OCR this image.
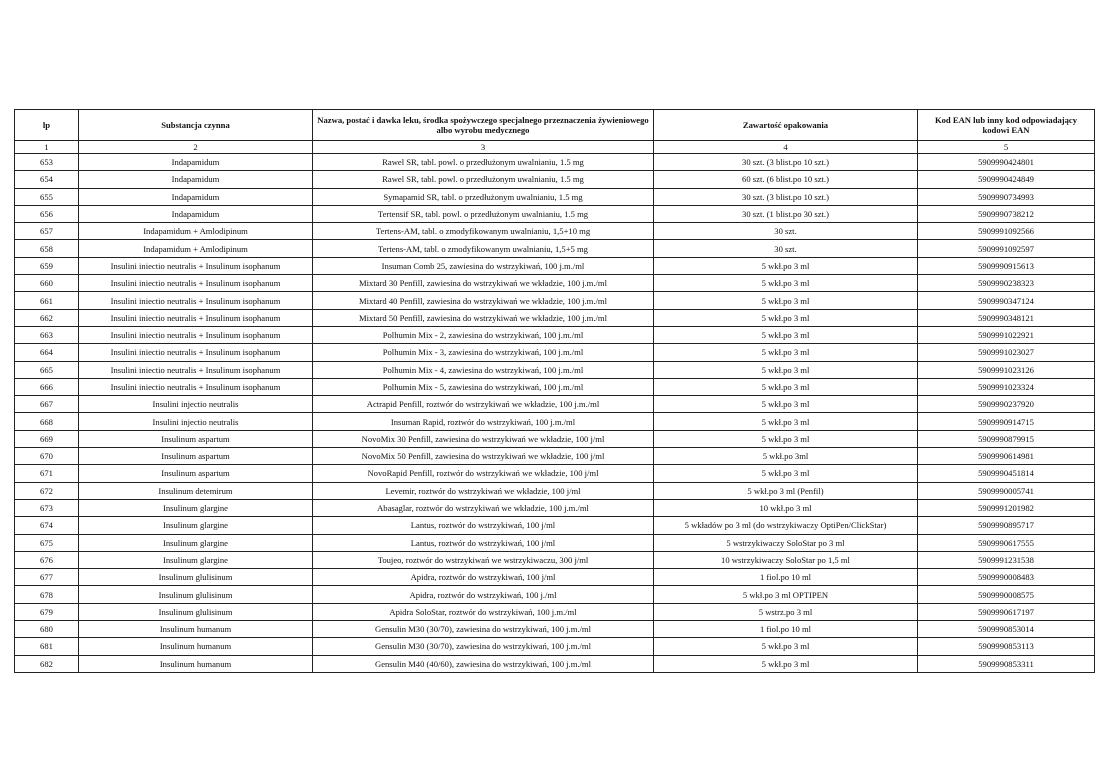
lp	Substancja czynna	Nazwa, postać i dawka leku, środka spożywczego specjalnego przeznaczenia żywieniowego albo wyrobu medycznego	Zawartość opakowania	Kod EAN lub inny kod odpowiadający kodowi EAN
1	2	3	4	5
653	Indapamidum	Rawel SR, tabl. powl. o przedłużonym uwalnianiu, 1.5 mg	30 szt. (3 blist.po 10 szt.)	5909990424801
654	Indapamidum	Rawel SR, tabl. powl. o przedłużonym uwalnianiu, 1.5 mg	60 szt. (6 blist.po 10 szt.)	5909990424849
655	Indapamidum	Symapamid SR, tabl. o przedłużonym uwalnianiu, 1.5 mg	30 szt. (3 blist.po 10 szt.)	5909990734993
656	Indapamidum	Tertensif SR, tabl. powl. o przedłużonym uwalnianiu, 1.5 mg	30 szt. (1 blist.po 30 szt.)	5909990738212
657	Indapamidum + Amlodipinum	Tertens-AM, tabl. o zmodyfikowanym uwalnianiu, 1,5+10 mg	30 szt.	5909991092566
658	Indapamidum + Amlodipinum	Tertens-AM, tabl. o zmodyfikowanym uwalnianiu, 1,5+5 mg	30 szt.	5909991092597
659	Insulini iniectio neutralis + Insulinum isophanum	Insuman Comb 25, zawiesina do wstrzykiwań, 100 j.m./ml	5 wkł.po 3 ml	5909990915613
660	Insulini iniectio neutralis + Insulinum isophanum	Mixtard 30 Penfill, zawiesina do wstrzykiwań we wkładzie, 100 j.m./ml	5 wkł.po 3 ml	5909990238323
661	Insulini iniectio neutralis + Insulinum isophanum	Mixtard 40 Penfill, zawiesina do wstrzykiwań we wkładzie, 100 j.m./ml	5 wkł.po 3 ml	5909990347124
662	Insulini iniectio neutralis + Insulinum isophanum	Mixtard 50 Penfill, zawiesina do wstrzykiwań we wkładzie, 100 j.m./ml	5 wkł.po 3 ml	5909990348121
663	Insulini iniectio neutralis + Insulinum isophanum	Polhumin Mix - 2, zawiesina do wstrzykiwań, 100 j.m./ml	5 wkł.po 3 ml	5909991022921
664	Insulini iniectio neutralis + Insulinum isophanum	Polhumin Mix - 3, zawiesina do wstrzykiwań, 100 j.m./ml	5 wkł.po 3 ml	5909991023027
665	Insulini iniectio neutralis + Insulinum isophanum	Polhumin Mix - 4, zawiesina do wstrzykiwań, 100 j.m./ml	5 wkł.po 3 ml	5909991023126
666	Insulini iniectio neutralis + Insulinum isophanum	Polhumin Mix - 5, zawiesina do wstrzykiwań, 100 j.m./ml	5 wkł.po 3 ml	5909991023324
667	Insulini injectio neutralis	Actrapid Penfill, roztwór do wstrzykiwań we wkładzie, 100 j.m./ml	5 wkł.po 3 ml	5909990237920
668	Insulini injectio neutralis	Insuman Rapid, roztwór do wstrzykiwań, 100 j.m./ml	5 wkł.po 3 ml	5909990914715
669	Insulinum aspartum	NovoMix 30 Penfill, zawiesina do wstrzykiwań we wkładzie, 100 j/ml	5 wkł.po 3 ml	5909990879915
670	Insulinum aspartum	NovoMix 50 Penfill, zawiesina do wstrzykiwań we wkładzie, 100 j/ml	5 wkł.po 3ml	5909990614981
671	Insulinum aspartum	NovoRapid Penfill, roztwór do wstrzykiwań we wkładzie, 100 j/ml	5 wkł.po 3 ml	5909990451814
672	Insulinum detemirum	Levemir, roztwór do wstrzykiwań we wkładzie, 100 j/ml	5 wkł.po 3 ml (Penfil)	5909990005741
673	Insulinum glargine	Abasaglar, roztwór do wstrzykiwań we wkładzie, 100 j.m./ml	10 wkł.po 3 ml	5909991201982
674	Insulinum glargine	Lantus, roztwór do wstrzykiwań, 100 j/ml	5 wkładów po 3 ml (do wstrzykiwaczy OptiPen/ClickStar)	5909990895717
675	Insulinum glargine	Lantus, roztwór do wstrzykiwań, 100 j/ml	5 wstrzykiwaczy SoloStar po 3 ml	5909990617555
676	Insulinum glargine	Toujeo, roztwór do wstrzykiwań we wstrzykiwaczu, 300 j/ml	10 wstrzykiwaczy SoloStar po 1,5 ml	5909991231538
677	Insulinum glulisinum	Apidra, roztwór do wstrzykiwań, 100 j/ml	1 fiol.po 10 ml	5909990008483
678	Insulinum glulisinum	Apidra, roztwór do wstrzykiwań, 100 j./ml	5 wkł.po 3 ml OPTIPEN	5909990008575
679	Insulinum glulisinum	Apidra SoloStar, roztwór do wstrzykiwań, 100 j.m./ml	5 wstrz.po 3 ml	5909990617197
680	Insulinum humanum	Gensulin M30 (30/70), zawiesina do wstrzykiwań, 100 j.m./ml	1 fiol.po 10 ml	5909990853014
681	Insulinum humanum	Gensulin M30 (30/70), zawiesina do wstrzykiwań, 100 j.m./ml	5 wkł.po 3 ml	5909990853113
682	Insulinum humanum	Gensulin M40 (40/60), zawiesina do wstrzykiwań, 100 j.m./ml	5 wkł.po 3 ml	5909990853311
